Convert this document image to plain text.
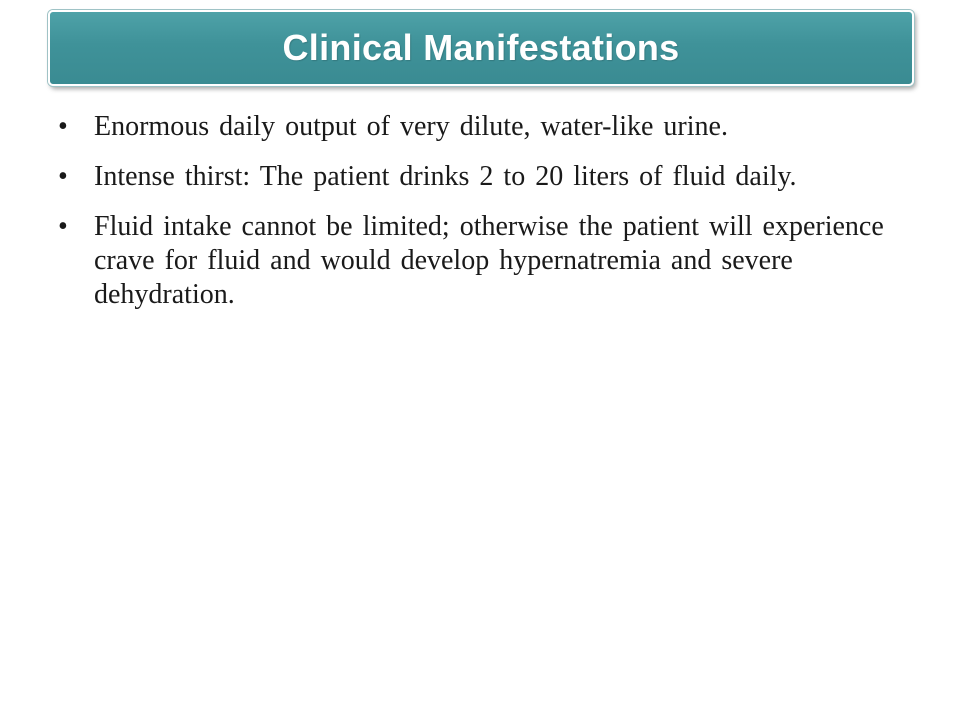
Clinical Manifestations
• Enormous daily output of very dilute, water-like urine.
• Intense thirst: The patient drinks 2 to 20 liters of fluid daily.
• Fluid intake cannot be limited; otherwise the patient will experience crave for fluid and would develop hypernatremia and severe dehydration.
